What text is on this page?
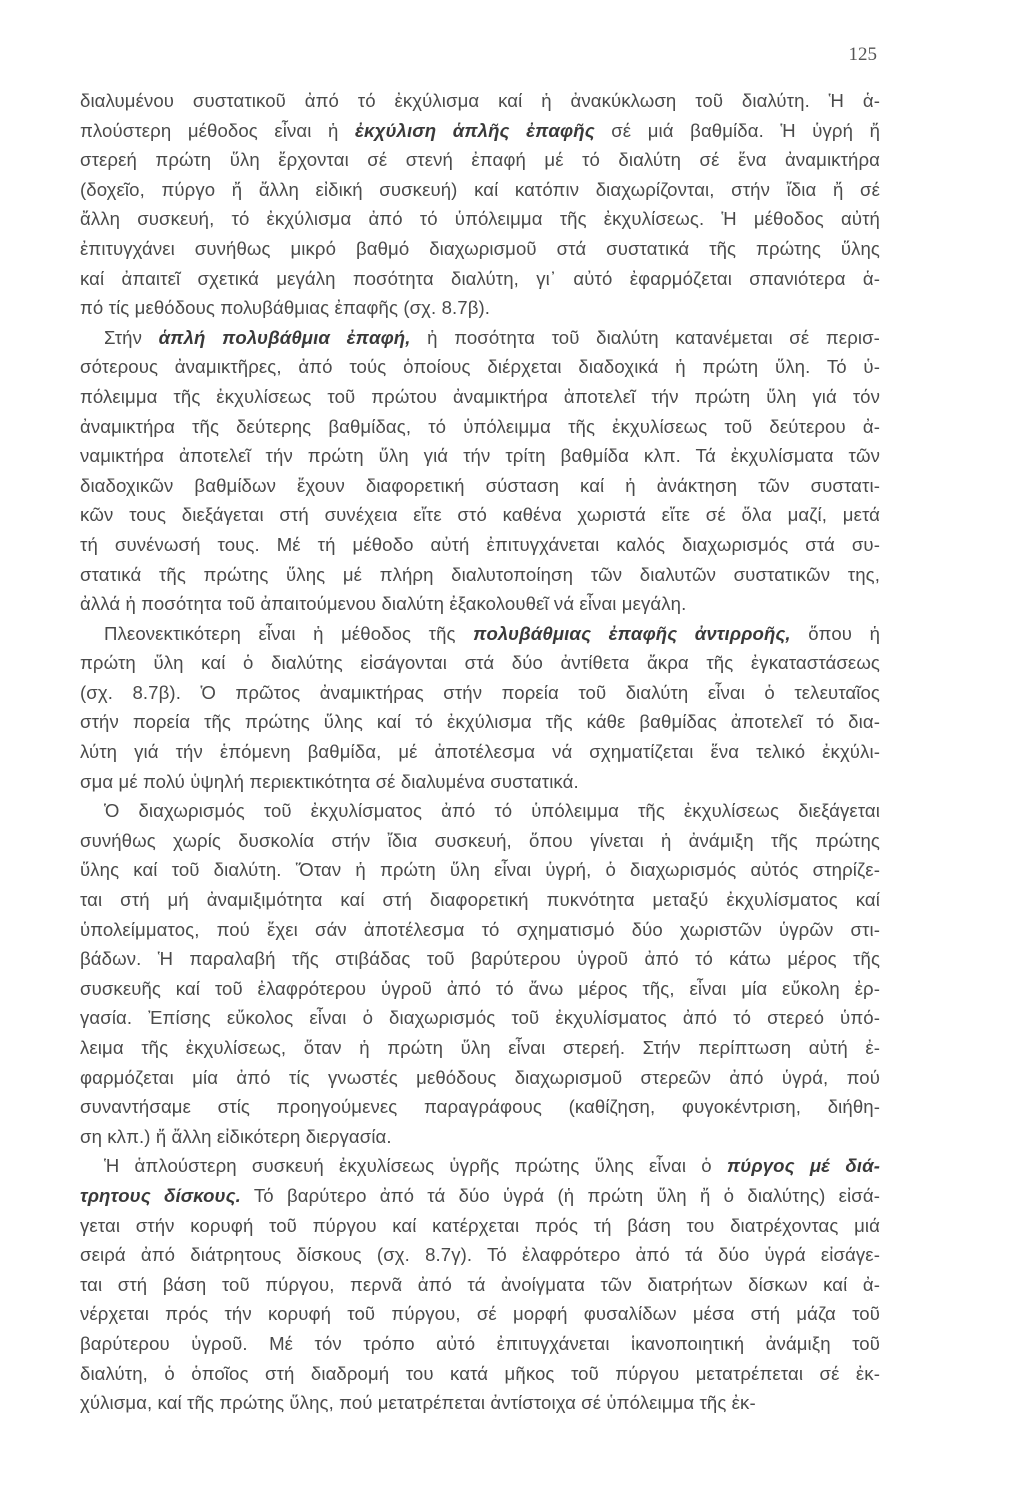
125
διαλυμένου συστατικοῦ ἀπό τό ἐκχύλισμα καί ἡ ἀνακύκλωση τοῦ διαλύτη. Ἡ ἁ-
πλούστερη μέθοδος εἶναι ἡ ἐκχύλιση ἁπλῆς ἐπαφῆς σέ μιά βαθμίδα. Ἡ ὑγρή ἤ
στερεή πρώτη ὕλη ἔρχονται σέ στενή ἐπαφή μέ τό διαλύτη σέ ἕνα ἀναμικτήρα
(δοχεῖο, πύργο ἤ ἄλλη εἰδική συσκευή) καί κατόπιν διαχωρίζονται, στήν ἴδια ἤ σέ
ἄλλη συσκευή, τό ἐκχύλισμα ἀπό τό ὑπόλειμμα τῆς ἐκχυλίσεως. Ἡ μέθοδος αὐτή
ἐπιτυγχάνει συνήθως μικρό βαθμό διαχωρισμοῦ στά συστατικά τῆς πρώτης ὕλης
καί ἀπαιτεῖ σχετικά μεγάλη ποσότητα διαλύτη, γι᾽ αὐτό ἐφαρμόζεται σπανιότερα ἁ-
πό τίς μεθόδους πολυβάθμιας ἐπαφῆς (σχ. 8.7β).
Στήν ἁπλή πολυβάθμια ἐπαφή, ἡ ποσότητα τοῦ διαλύτη κατανέμεται σέ περισ-
σότερους ἀναμικτῆρες, ἀπό τούς ὁποίους διέρχεται διαδοχικά ἡ πρώτη ὕλη. Τό ὑ-
πόλειμμα τῆς ἐκχυλίσεως τοῦ πρώτου ἀναμικτήρα ἀποτελεῖ τήν πρώτη ὕλη γιά τόν
ἀναμικτήρα τῆς δεύτερης βαθμίδας, τό ὑπόλειμμα τῆς ἐκχυλίσεως τοῦ δεύτερου ἀ-
ναμικτήρα ἀποτελεῖ τήν πρώτη ὕλη γιά τήν τρίτη βαθμίδα κλπ. Τά ἐκχυλίσματα τῶν
διαδοχικῶν βαθμίδων ἔχουν διαφορετική σύσταση καί ἡ ἀνάκτηση τῶν συστατι-
κῶν τους διεξάγεται στή συνέχεια εἴτε στό καθένα χωριστά εἴτε σέ ὅλα μαζί, μετά
τή συνένωσή τους. Μέ τή μέθοδο αὐτή ἐπιτυγχάνεται καλός διαχωρισμός στά συ-
στατικά τῆς πρώτης ὕλης μέ πλήρη διαλυτοποίηση τῶν διαλυτῶν συστατικῶν της,
ἀλλά ἡ ποσότητα τοῦ ἀπαιτούμενου διαλύτη ἐξακολουθεῖ νά εἶναι μεγάλη.
Πλεονεκτικότερη εἶναι ἡ μέθοδος τῆς πολυβάθμιας ἐπαφῆς ἀντιρροῆς, ὅπου ἡ
πρώτη ὕλη καί ὁ διαλύτης εἰσάγονται στά δύο ἀντίθετα ἄκρα τῆς ἐγκαταστάσεως
(σχ. 8.7β). Ὁ πρῶτος ἀναμικτήρας στήν πορεία τοῦ διαλύτη εἶναι ὁ τελευταῖος
στήν πορεία τῆς πρώτης ὕλης καί τό ἐκχύλισμα τῆς κάθε βαθμίδας ἀποτελεῖ τό δια-
λύτη γιά τήν ἑπόμενη βαθμίδα, μέ ἀποτέλεσμα νά σχηματίζεται ἕνα τελικό ἐκχύλι-
σμα μέ πολύ ὑψηλή περιεκτικότητα σέ διαλυμένα συστατικά.
Ὁ διαχωρισμός τοῦ ἐκχυλίσματος ἀπό τό ὑπόλειμμα τῆς ἐκχυλίσεως διεξάγεται
συνήθως χωρίς δυσκολία στήν ἴδια συσκευή, ὅπου γίνεται ἡ ἀνάμιξη τῆς πρώτης
ὕλης καί τοῦ διαλύτη. Ὅταν ἡ πρώτη ὕλη εἶναι ὑγρή, ὁ διαχωρισμός αὐτός στηρίζε-
ται στή μή ἀναμιξιμότητα καί στή διαφορετική πυκνότητα μεταξύ ἐκχυλίσματος καί
ὑπολείμματος, πού ἔχει σάν ἀποτέλεσμα τό σχηματισμό δύο χωριστῶν ὑγρῶν στι-
βάδων. Ἡ παραλαβή τῆς στιβάδας τοῦ βαρύτερου ὑγροῦ ἀπό τό κάτω μέρος τῆς
συσκευῆς καί τοῦ ἐλαφρότερου ὑγροῦ ἀπό τό ἄνω μέρος τῆς, εἶναι μία εὔκολη ἐρ-
γασία. Ἐπίσης εὔκολος εἶναι ὁ διαχωρισμός τοῦ ἐκχυλίσματος ἀπό τό στερεό ὑπό-
λειμα τῆς ἐκχυλίσεως, ὅταν ἡ πρώτη ὕλη εἶναι στερεή. Στήν περίπτωση αὐτή ἐ-
φαρμόζεται μία ἀπό τίς γνωστές μεθόδους διαχωρισμοῦ στερεῶν ἀπό ὑγρά, πού
συναντήσαμε στίς προηγούμενες παραγράφους (καθίζηση, φυγοκέντριση, διήθη-
ση κλπ.) ἤ ἄλλη εἰδικότερη διεργασία.
Ἡ ἁπλούστερη συσκευή ἐκχυλίσεως ὑγρῆς πρώτης ὕλης εἶναι ὁ πύργος μέ διά-
τρητους δίσκους. Τό βαρύτερο ἀπό τά δύο ὑγρά (ἡ πρώτη ὕλη ἤ ὁ διαλύτης) εἰσά-
γεται στήν κορυφή τοῦ πύργου καί κατέρχεται πρός τή βάση του διατρέχοντας μιά
σειρά ἀπό διάτρητους δίσκους (σχ. 8.7γ). Τό ἐλαφρότερο ἀπό τά δύο ὑγρά εἰσάγε-
ται στή βάση τοῦ πύργου, περνᾶ ἀπό τά ἀνοίγματα τῶν διατρήτων δίσκων καί ἀ-
νέρχεται πρός τήν κορυφή τοῦ πύργου, σέ μορφή φυσαλίδων μέσα στή μάζα τοῦ
βαρύτερου ὑγροῦ. Μέ τόν τρόπο αὐτό ἐπιτυγχάνεται ἱκανοποιητική ἀνάμιξη τοῦ
διαλύτη, ὁ ὁποῖος στή διαδρομή του κατά μῆκος τοῦ πύργου μετατρέπεται σέ ἐκ-
χύλισμα, καί τῆς πρώτης ὕλης, πού μετατρέπεται ἀντίστοιχα σέ ὑπόλειμμα τῆς ἐκ-
